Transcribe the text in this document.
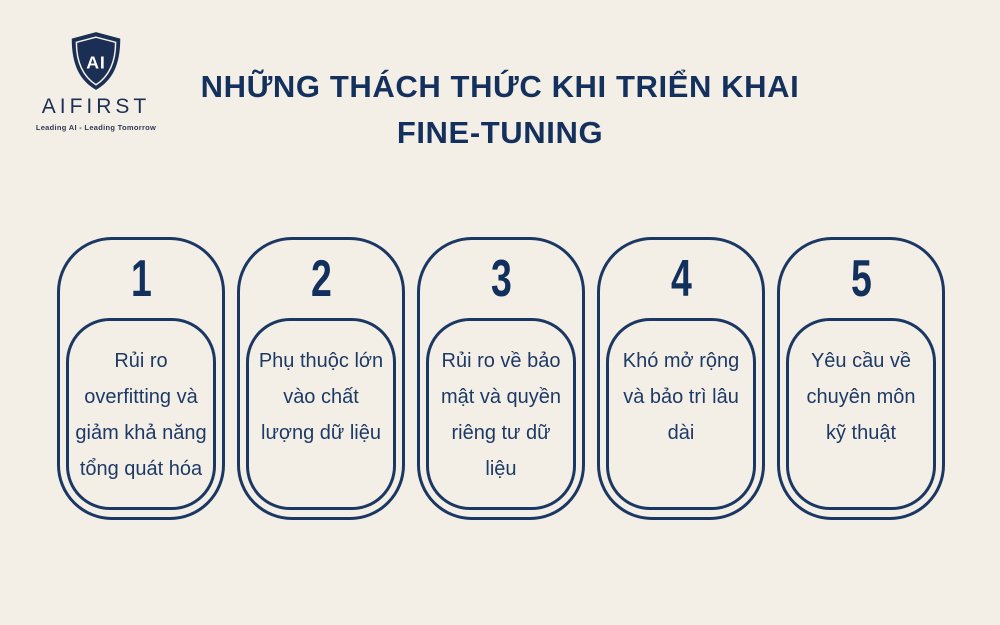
AI
AIFIRST
Leading AI - Leading Tomorrow
NHỮNG THÁCH THỨC KHI TRIỂN KHAI
FINE-TUNING
1
Rủi ro overfitting và giảm khả năng tổng quát hóa
2
Phụ thuộc lớn vào chất lượng dữ liệu
3
Rủi ro về bảo mật và quyền riêng tư dữ liệu
4
Khó mở rộng và bảo trì lâu dài
5
Yêu cầu về chuyên môn kỹ thuật
